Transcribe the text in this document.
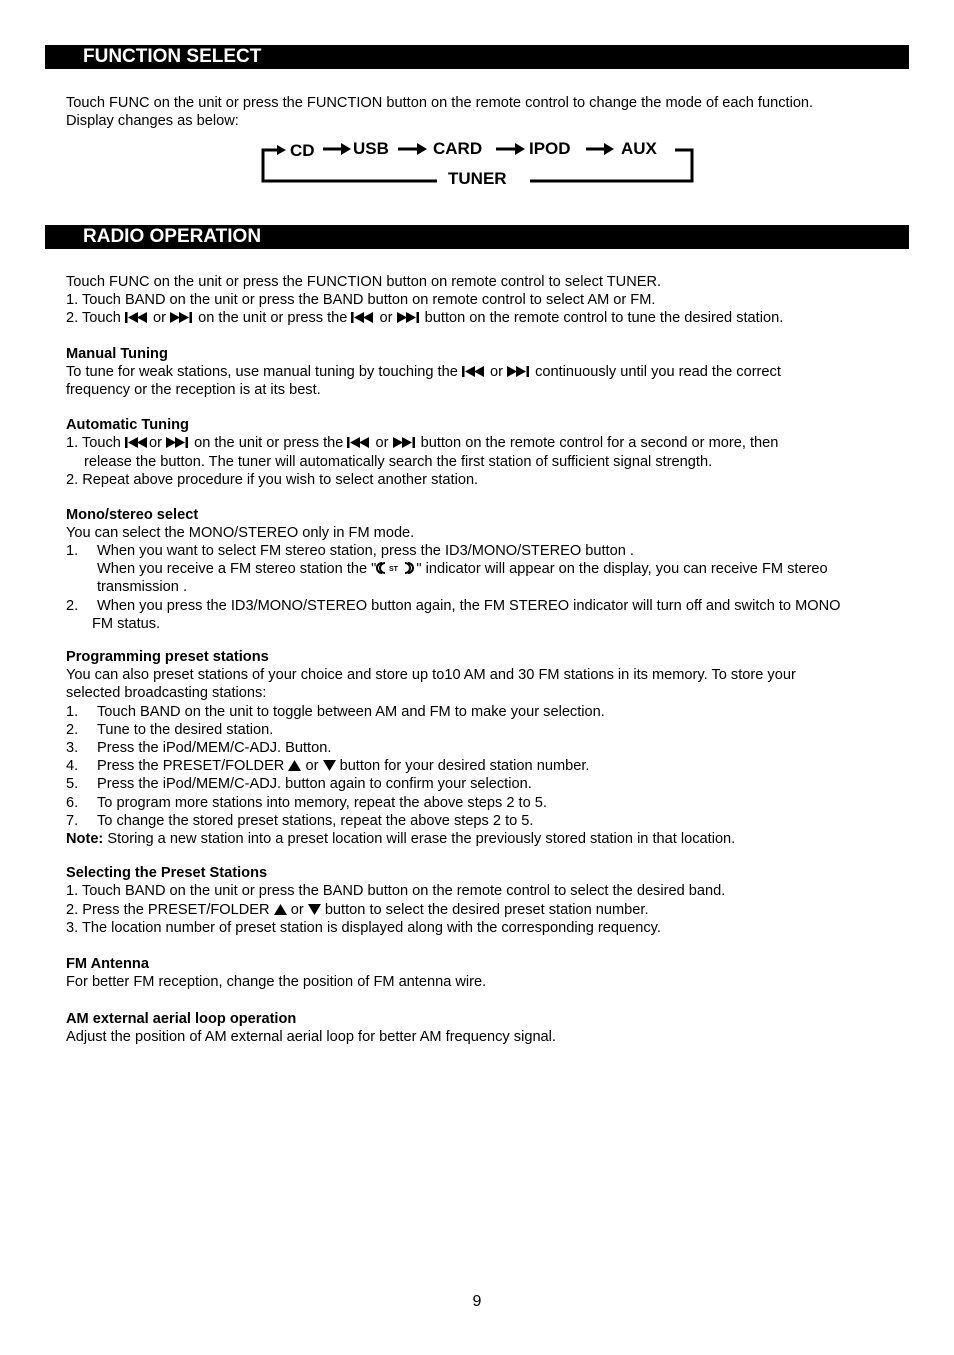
FUNCTION SELECT
Touch FUNC on the unit or press the FUNCTION button on the remote control to change the mode of each function.
Display changes as below:
CD USB	CARD	IPOD	AUX
TUNER
RADIO OPERATION
Touch FUNC on the unit or press the FUNCTION button on remote control to select TUNER.
1. Touch BAND on the unit or press the BAND button on remote control to select AM or FM.
2. Touch or on the unit or press the or button on the remote control to tune the desired station.
Manual Tuning
To tune for weak stations, use manual tuning by touching the or continuously until you read the correct
frequency or the reception is at its best.
Automatic Tuning
1. Touch or on the unit or press the or button on the remote control for a second or more, then
release the button. The tuner will automatically search the first station of sufficient signal strength.
2. Repeat above procedure if you wish to select another station.
Mono/stereo select
You can select the MONO/STEREO only in FM mode.
1. When you want to select FM stereo station, press the ID3/MONO/STEREO button .
When you receive a FM stereo station the " ST " indicator will appear on the display, you can receive FM stereo
transmission .
2. When you press the ID3/MONO/STEREO button again, the FM STEREO indicator will turn off and switch to MONO
FM status.
Programming preset stations
You can also preset stations of your choice and store up to10 AM and 30 FM stations in its memory. To store your
selected broadcasting stations:
1. Touch BAND on the unit to toggle between AM and FM to make your selection.
2. Tune to the desired station.
3. Press the iPod/MEM/C-ADJ. Button.
4. Press the PRESET/FOLDER or button for your desired station number.
5. Press the iPod/MEM/C-ADJ. button again to confirm your selection.
6. To program more stations into memory, repeat the above steps 2 to 5.
7. To change the stored preset stations, repeat the above steps 2 to 5.
Note: Storing a new station into a preset location will erase the previously stored station in that location.
Selecting the Preset Stations
1. Touch BAND on the unit or press the BAND button on the remote control to select the desired band.
2. Press the PRESET/FOLDER or button to select the desired preset station number.
3. The location number of preset station is displayed along with the corresponding requency.
FM Antenna
For better FM reception, change the position of FM antenna wire.
AM external aerial loop operation
Adjust the position of AM external aerial loop for better AM frequency signal.
9
